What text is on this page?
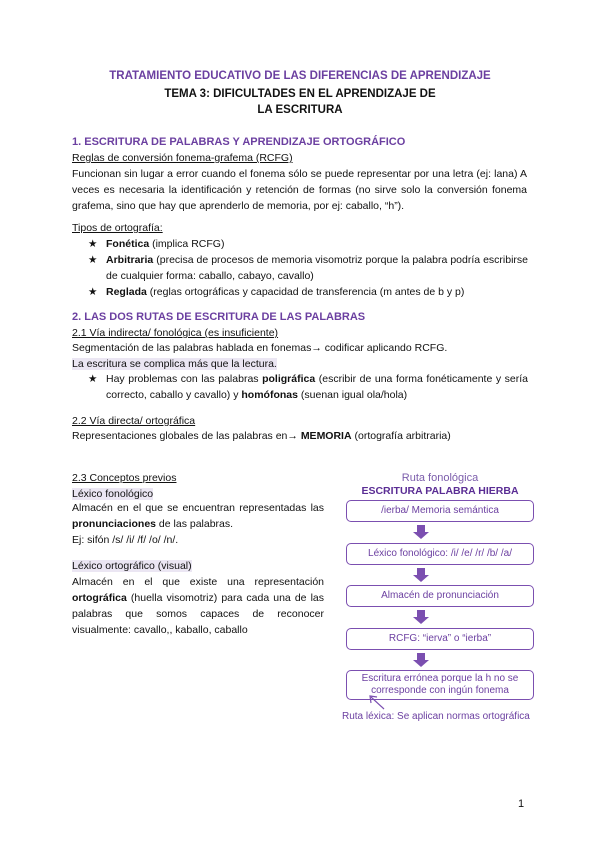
TRATAMIENTO EDUCATIVO DE LAS DIFERENCIAS DE APRENDIZAJE
TEMA 3: DIFICULTADES EN EL APRENDIZAJE DE
LA ESCRITURA
1. ESCRITURA DE PALABRAS Y APRENDIZAJE ORTOGRÁFICO
Reglas de conversión fonema-grafema (RCFG)
Funcionan sin lugar a error cuando el fonema sólo se puede representar por una letra (ej: lana) A veces es necesaria la identificación y retención de formas (no sirve solo la conversión fonema grafema, sino que hay que aprenderlo de memoria, por ej: caballo, “h”).
Tipos de ortografía:
★ Fonética (implica RCFG)
★ Arbitraria (precisa de procesos de memoria visomotriz porque la palabra podría escribirse de cualquier forma: caballo, cabayo, cavallo)
★ Reglada (reglas ortográficas y capacidad de transferencia (m antes de b y p)
2. LAS DOS RUTAS DE ESCRITURA DE LAS PALABRAS
2.1 Vía indirecta/ fonológica (es insuficiente)
Segmentación de las palabras hablada en fonemas→ codificar aplicando RCFG.
La escritura se complica más que la lectura.
★ Hay problemas con las palabras poligráfica (escribir de una forma fonéticamente y sería correcto, caballo y cavallo) y homófonas (suenan igual ola/hola)
2.2 Vía directa/ ortográfica
Representaciones globales de las palabras en→ MEMORIA (ortografía arbitraria)
2.3 Conceptos previos
Léxico fonológico
Almacén en el que se encuentran representadas las pronunciaciones de las palabras.
Ej: sifón /s/ /i/ /f/ /o/ /n/.
Léxico ortográfico (visual)
Almacén en el que existe una representación ortográfica (huella visomotriz) para cada una de las palabras que somos capaces de reconocer visualmente: cavallo,, kaballo, caballo
Ruta fonológica
ESCRITURA PALABRA HIERBA
/ierba/ Memoria semántica
Léxico fonológico: /i/ /e/ /r/ /b/ /a/
Almacén de pronunciación
RCFG: “ierva” o “ierba”
Escritura errónea porque la h no se corresponde con ingún fonema
Ruta léxica: Se aplican normas ortográfica
1
